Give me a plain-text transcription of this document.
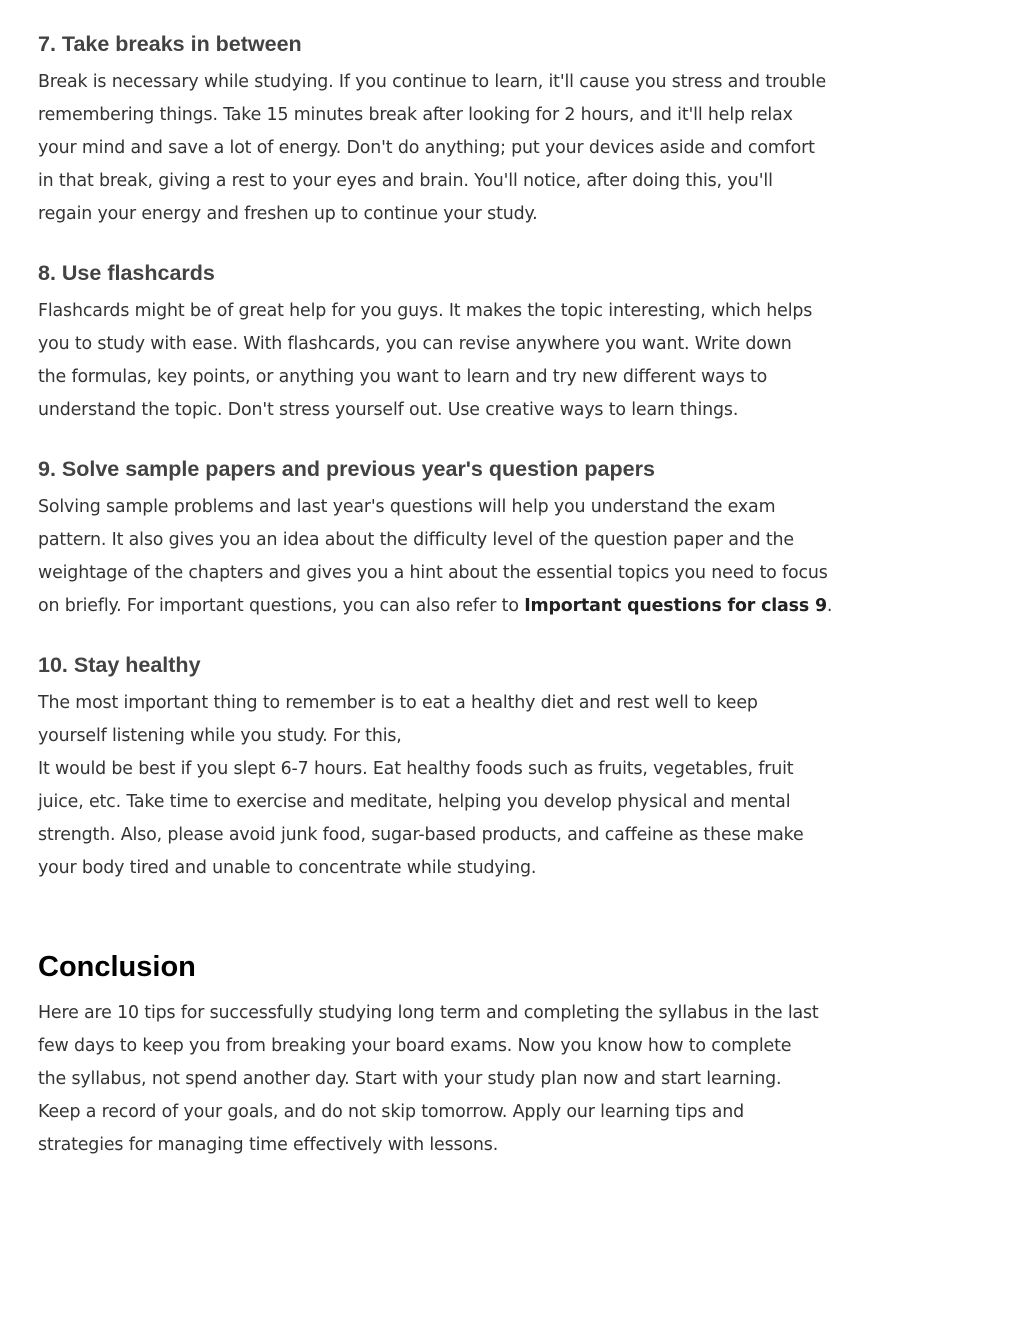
7. Take breaks in between

Break is necessary while studying. If you continue to learn, it'll cause you stress and trouble
remembering things. Take 15 minutes break after looking for 2 hours, and it'll help relax
your mind and save a lot of energy. Don't do anything; put your devices aside and comfort
in that break, giving a rest to your eyes and brain. You'll notice, after doing this, you'll
regain your energy and freshen up to continue your study.

8. Use flashcards

Flashcards might be of great help for you guys. It makes the topic interesting, which helps
you to study with ease. With flashcards, you can revise anywhere you want. Write down
the formulas, key points, or anything you want to learn and try new different ways to
understand the topic. Don't stress yourself out. Use creative ways to learn things.

9. Solve sample papers and previous year's question papers

Solving sample problems and last year's questions will help you understand the exam
pattern. It also gives you an idea about the difficulty level of the question paper and the
weightage of the chapters and gives you a hint about the essential topics you need to focus
on briefly. For important questions, you can also refer to Important questions for class 9.

10. Stay healthy

The most important thing to remember is to eat a healthy diet and rest well to keep
yourself listening while you study. For this,
It would be best if you slept 6-7 hours. Eat healthy foods such as fruits, vegetables, fruit
juice, etc. Take time to exercise and meditate, helping you develop physical and mental
strength. Also, please avoid junk food, sugar-based products, and caffeine as these make
your body tired and unable to concentrate while studying.

Conclusion

Here are 10 tips for successfully studying long term and completing the syllabus in the last
few days to keep you from breaking your board exams. Now you know how to complete
the syllabus, not spend another day. Start with your study plan now and start learning.
Keep a record of your goals, and do not skip tomorrow. Apply our learning tips and
strategies for managing time effectively with lessons.
